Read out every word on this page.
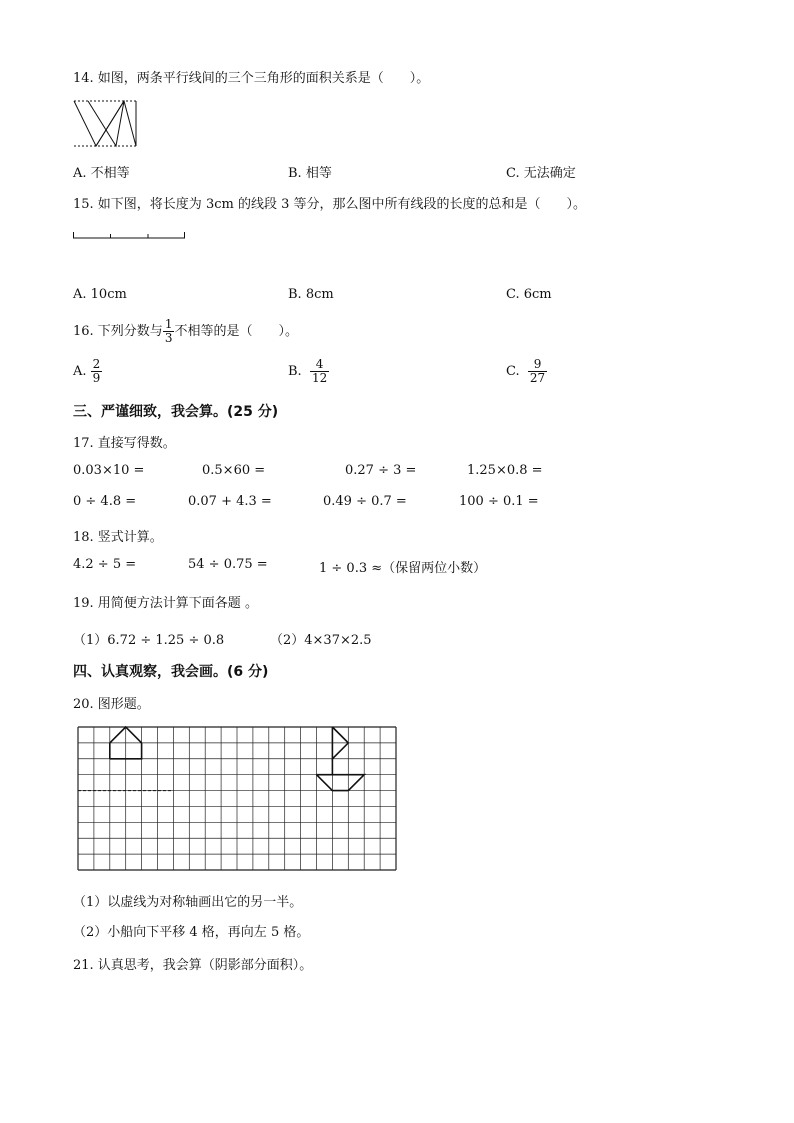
14. 如图，两条平行线间的三个三角形的面积关系是（　　）。
A. 不相等	B. 相等	C. 无法确定
15. 如下图，将长度为 3cm 的线段 3 等分，那么图中所有线段的长度的总和是（　　）。
A. 10cm	B. 8cm	C. 6cm
16. 下列分数与 $\frac{1}{3}$ 不相等的是（　　）。
A. $\frac{2}{9}$	B. $\frac{4}{12}$	C. $\frac{9}{27}$
三、严谨细致，我会算。(25 分)
17. 直接写得数。
0.03×10 =	0.5×60 =	0.27 ÷ 3 =	1.25×0.8 =
0 ÷ 4.8 =	0.07 + 4.3 =	0.49 ÷ 0.7 =	100 ÷ 0.1 =
18. 竖式计算。
4.2 ÷ 5 =	54 ÷ 0.75 =	1 ÷ 0.3 ≈（保留两位小数）
19. 用简便方法计算下面各题 。
（1）6.72 ÷ 1.25 ÷ 0.8	（2）4×37×2.5
四、认真观察，我会画。(6 分)
20. 图形题。
（1）以虚线为对称轴画出它的另一半。
（2）小船向下平移 4 格，再向左 5 格。
21. 认真思考，我会算（阴影部分面积）。
